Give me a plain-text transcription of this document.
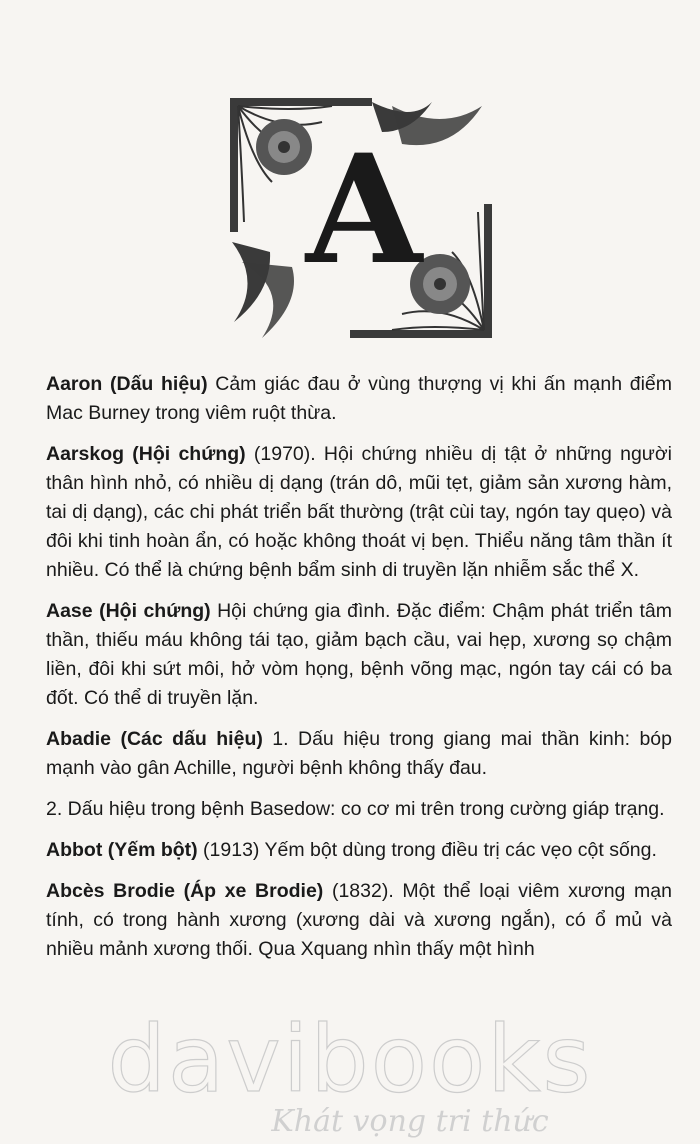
A

Aaron (Dấu hiệu) Cảm giác đau ở vùng thượng vị khi ấn mạnh điểm Mac Burney trong viêm ruột thừa.

Aarskog (Hội chứng) (1970). Hội chứng nhiều dị tật ở những người thân hình nhỏ, có nhiều dị dạng (trán dô, mũi tẹt, giảm sản xương hàm, tai dị dạng), các chi phát triển bất thường (trật cùi tay, ngón tay quẹo) và đôi khi tinh hoàn ẩn, có hoặc không thoát vị bẹn. Thiểu năng tâm thần ít nhiều. Có thể là chứng bệnh bẩm sinh di truyền lặn nhiễm sắc thể X.

Aase (Hội chứng) Hội chứng gia đình. Đặc điểm: Chậm phát triển tâm thần, thiếu máu không tái tạo, giảm bạch cầu, vai hẹp, xương sọ chậm liền, đôi khi sứt môi, hở vòm họng, bệnh võng mạc, ngón tay cái có ba đốt. Có thể di truyền lặn.

Abadie (Các dấu hiệu) 1. Dấu hiệu trong giang mai thần kinh: bóp mạnh vào gân Achille, người bệnh không thấy đau.

2. Dấu hiệu trong bệnh Basedow: co cơ mi trên trong cường giáp trạng.

Abbot (Yếm bột) (1913) Yếm bột dùng trong điều trị các vẹo cột sống.

Abcès Brodie (Áp xe Brodie) (1832). Một thể loại viêm xương mạn tính, có trong hành xương (xương dài và xương ngắn), có ổ mủ và nhiều mảnh xương thối. Qua Xquang nhìn thấy một hình

davibooks
Khát vọng tri thức
